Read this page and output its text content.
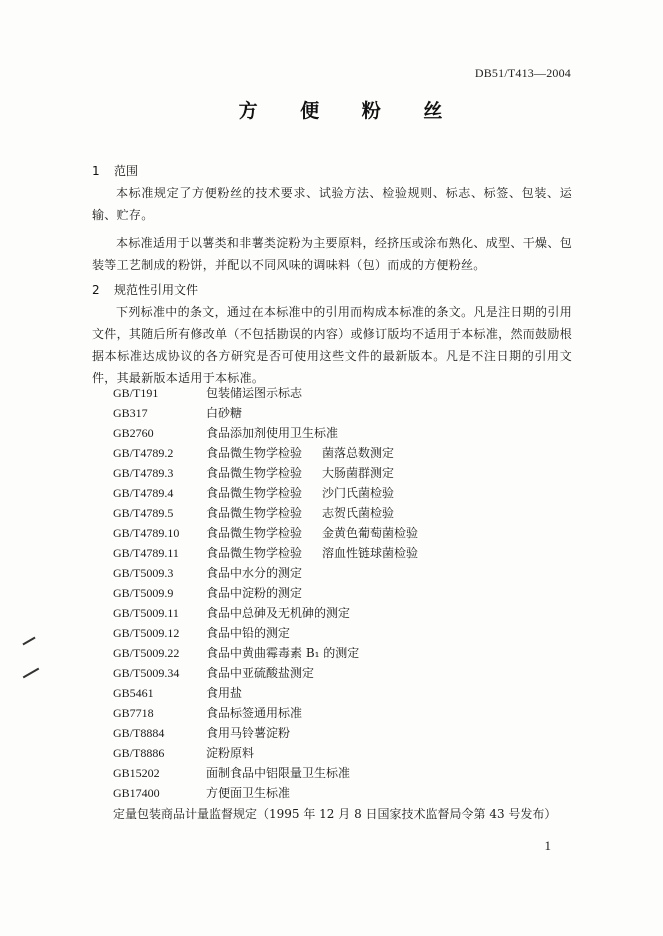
DB51/T413—2004
方 便 粉 丝
1 范围

本标准规定了方便粉丝的技术要求、试验方法、检验规则、标志、标签、包装、运输、贮存。

本标准适用于以薯类和非薯类淀粉为主要原料，经挤压或涂布熟化、成型、干燥、包装等工艺制成的粉饼，并配以不同风味的调味料（包）而成的方便粉丝。

2 规范性引用文件

下列标准中的条文，通过在本标准中的引用而构成本标准的条文。凡是注日期的引用文件，其随后所有修改单（不包括勘误的内容）或修订版均不适用于本标准，然而鼓励根据本标准达成协议的各方研究是否可使用这些文件的最新版本。凡是不注日期的引用文件，其最新版本适用于本标准。

GB/T191	包装储运图示标志
GB317	白砂糖
GB2760	食品添加剂使用卫生标准
GB/T4789.2	食品微生物学检验 菌落总数测定
GB/T4789.3	食品微生物学检验 大肠菌群测定
GB/T4789.4	食品微生物学检验 沙门氏菌检验
GB/T4789.5	食品微生物学检验 志贺氏菌检验
GB/T4789.10 食品微生物学检验 金黄色葡萄菌检验
GB/T4789.11 食品微生物学检验 溶血性链球菌检验
GB/T5009.3	食品中水分的测定
GB/T5009.9	食品中淀粉的测定
GB/T5009.11 食品中总砷及无机砷的测定
GB/T5009.12 食品中铅的测定
GB/T5009.22 食品中黄曲霉毒素 B₁ 的测定
GB/T5009.34 食品中亚硫酸盐测定
GB5461	食用盐
GB7718	食品标签通用标准
GB/T8884	食用马铃薯淀粉
GB/T8886	淀粉原料
GB15202	面制食品中铝限量卫生标准
GB17400	方便面卫生标准
定量包装商品计量监督规定（1995 年 12 月 8 日国家技术监督局令第 43 号发布）
1
